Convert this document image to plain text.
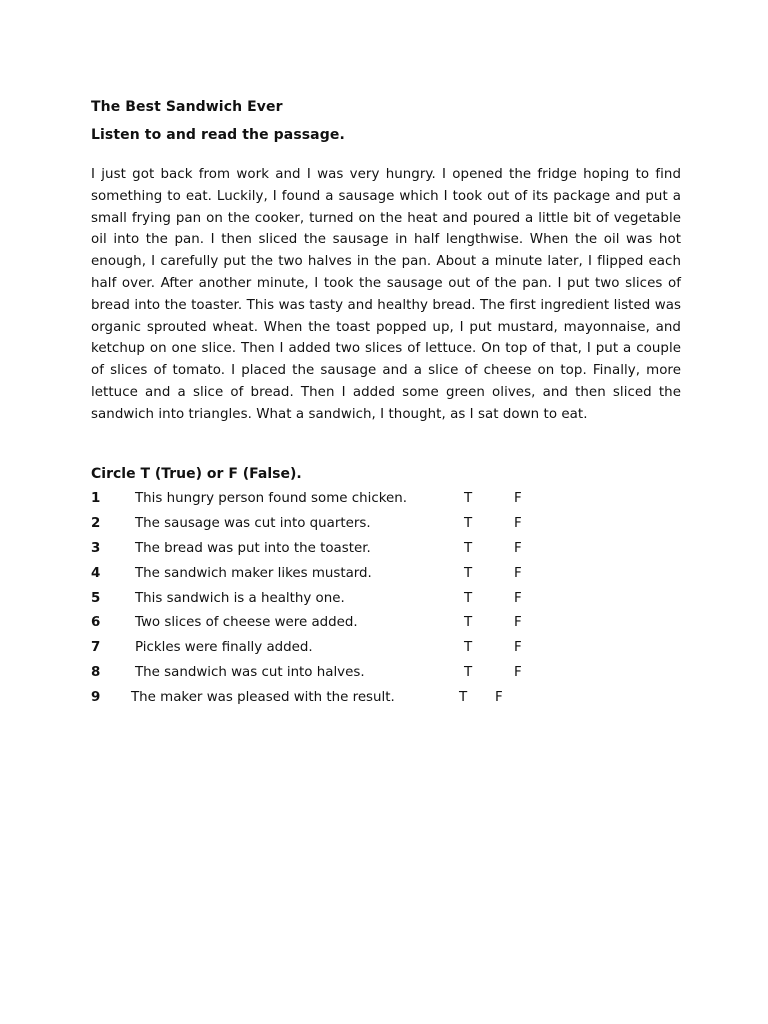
The Best Sandwich Ever
Listen to and read the passage.

I just got back from work and I was very hungry. I opened the fridge hoping to find something to eat. Luckily, I found a sausage which I took out of its package and put a small frying pan on the cooker, turned on the heat and poured a little bit of vegetable oil into the pan. I then sliced the sausage in half lengthwise. When the oil was hot enough, I carefully put the two halves in the pan. About a minute later, I flipped each half over. After another minute, I took the sausage out of the pan. I put two slices of bread into the toaster. This was tasty and healthy bread. The first ingredient listed was organic sprouted wheat. When the toast popped up, I put mustard, mayonnaise, and ketchup on one slice. Then I added two slices of lettuce. On top of that, I put a couple of slices of tomato. I placed the sausage and a slice of cheese on top. Finally, more lettuce and a slice of bread. Then I added some green olives, and then sliced the sandwich into triangles. What a sandwich, I thought, as I sat down to eat.

Circle T (True) or F (False).
1	This hungry person found some chicken.	T	F
2	The sausage was cut into quarters.	T	F
3	The bread was put into the toaster.	T	F
4	The sandwich maker likes mustard.	T	F
5	This sandwich is a healthy one.	T	F
6	Two slices of cheese were added.	T	F
7	Pickles were finally added.	T	F
8	The sandwich was cut into halves.	T	F
9 The maker was pleased with the result.	T F
